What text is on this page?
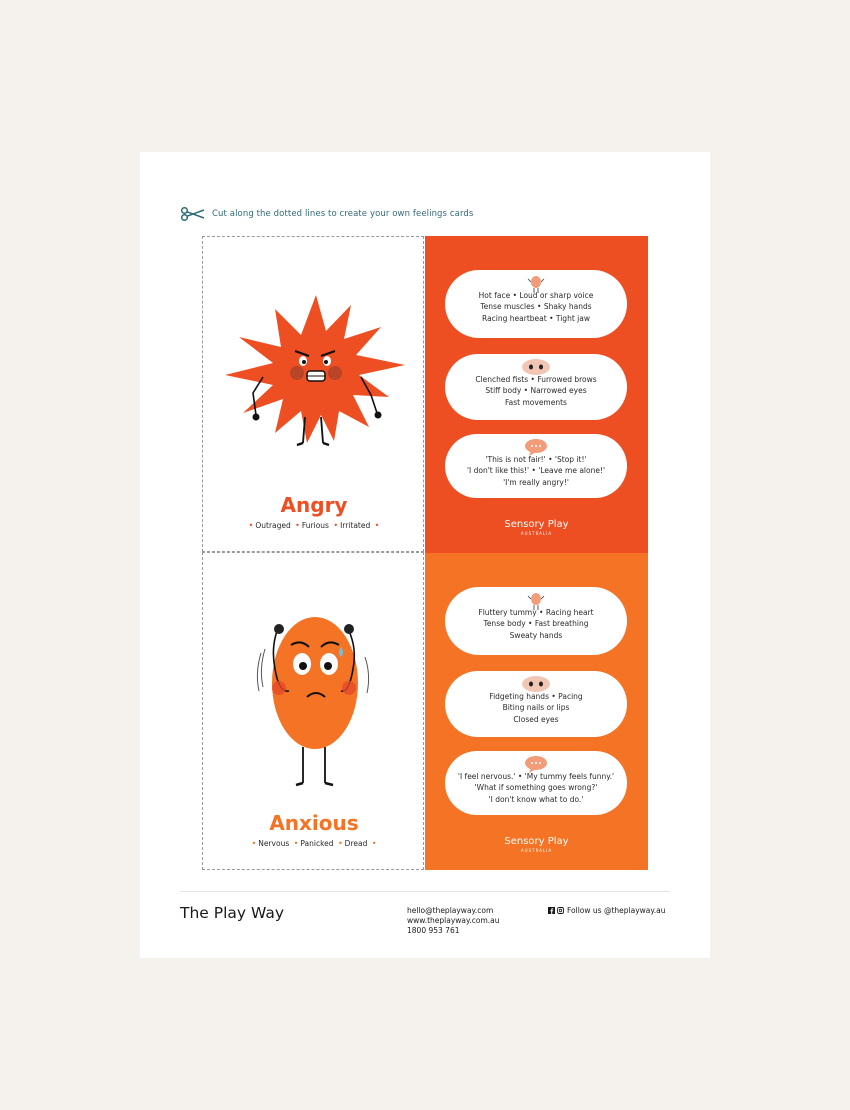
Cut along the dotted lines to create your own feelings cards
Angry
• Outraged • Furious • Irritated •
Hot face • Loud or sharp voice
Tense muscles • Shaky hands
Racing heartbeat • Tight jaw
Clenched fists • Furrowed brows
Stiff body • Narrowed eyes
Fast movements
'This is not fair!' • 'Stop it!'
'I don't like this!' • 'Leave me alone!'
'I'm really angry!'
Sensory Play
AUSTRALIA
Anxious
• Nervous • Panicked • Dread •
Fluttery tummy • Racing heart
Tense body • Fast breathing
Sweaty hands
Fidgeting hands • Pacing
Biting nails or lips
Closed eyes
'I feel nervous.' • 'My tummy feels funny.'
'What if something goes wrong?'
'I don't know what to do.'
Sensory Play
AUSTRALIA
The Play Way	hello@theplayway.com
www.theplayway.com.au
1800 953 761
Follow us @theplayway.au
